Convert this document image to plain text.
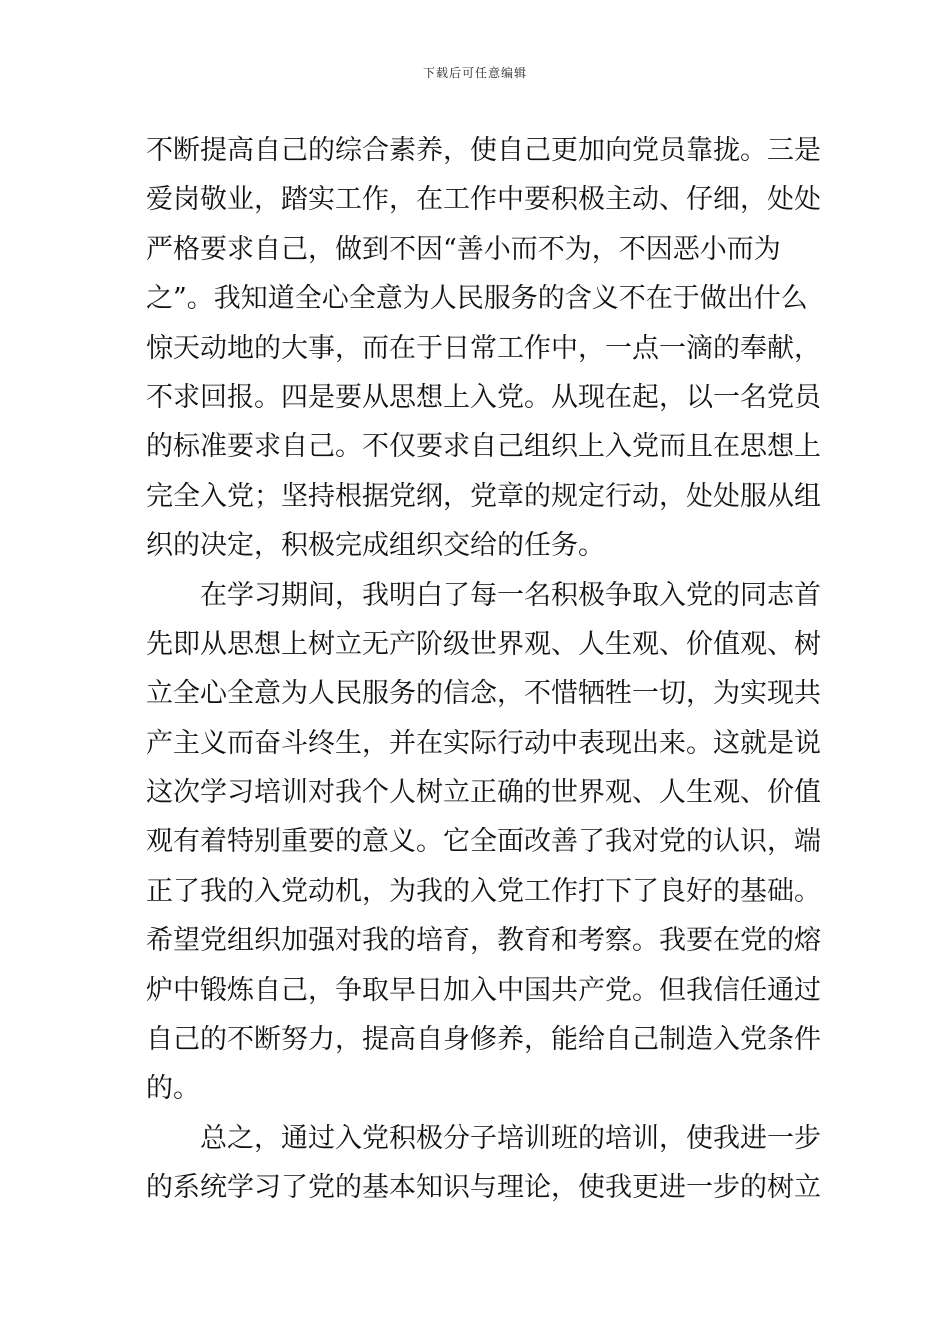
下载后可任意编辑
不断提高自己的综合素养，使自己更加向党员靠拢。三是
爱岗敬业，踏实工作，在工作中要积极主动、仔细，处处
严格要求自己，做到不因“善小而不为，不因恶小而为
之”。我知道全心全意为人民服务的含义不在于做出什么
惊天动地的大事，而在于日常工作中，一点一滴的奉献，
不求回报。四是要从思想上入党。从现在起，以一名党员
的标准要求自己。不仅要求自己组织上入党而且在思想上
完全入党；坚持根据党纲，党章的规定行动，处处服从组
织的决定，积极完成组织交给的任务。
　　在学习期间，我明白了每一名积极争取入党的同志首
先即从思想上树立无产阶级世界观、人生观、价值观、树
立全心全意为人民服务的信念，不惜牺牲一切，为实现共
产主义而奋斗终生，并在实际行动中表现出来。这就是说
这次学习培训对我个人树立正确的世界观、人生观、价值
观有着特别重要的意义。它全面改善了我对党的认识，端
正了我的入党动机，为我的入党工作打下了良好的基础。
希望党组织加强对我的培育，教育和考察。我要在党的熔
炉中锻炼自己，争取早日加入中国共产党。但我信任通过
自己的不断努力，提高自身修养，能给自己制造入党条件
的。
　　总之，通过入党积极分子培训班的培训，使我进一步
的系统学习了党的基本知识与理论，使我更进一步的树立
